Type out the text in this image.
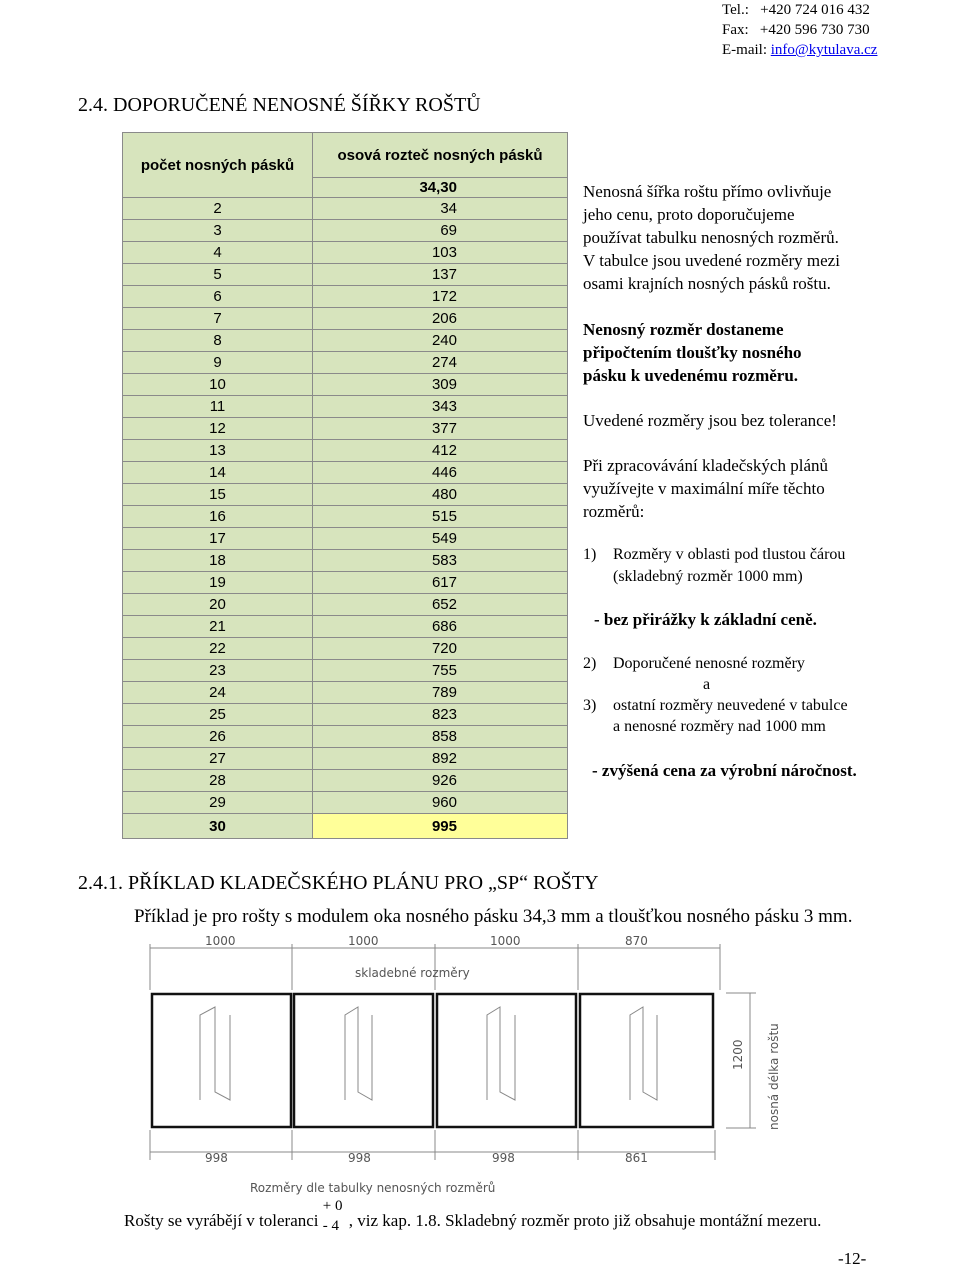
Tel.: +420 724 016 432
Fax: +420 596 730 730
E-mail: info@kytulava.cz
2.4. DOPORUČENÉ NENOSNÉ ŠÍŘKY ROŠTŮ
počet nosných pásků	osová rozteč nosných pásků
	34,30
2	34
3	69
4	103
5	137
6	172
7	206
8	240
9	274
10	309
11	343
12	377
13	412
14	446
15	480
16	515
17	549
18	583
19	617
20	652
21	686
22	720
23	755
24	789
25	823
26	858
27	892
28	926
29	960
30	995
Nenosná šířka roštu přímo ovlivňuje
jeho cenu, proto doporučujeme
používat tabulku nenosných rozměrů.
V tabulce jsou uvedené rozměry mezi
osami krajních nosných pásků roštu.
Nenosný rozměr dostaneme
připočtením tloušťky nosného
pásku k uvedenému rozměru.
Uvedené rozměry jsou bez tolerance!
Při zpracovávání kladečských plánů
využívejte v maximální míře těchto
rozměrů:
1) Rozměry v oblasti pod tlustou čárou
(skladebný rozměr 1000 mm)
- bez přirážky k základní ceně.
2) Doporučené nenosné rozměry
a
3) ostatní rozměry neuvedené v tabulce
a nenosné rozměry nad 1000 mm
- zvýšená cena za výrobní náročnost.
2.4.1. PŘÍKLAD KLADEČSKÉHO PLÁNU PRO „SP“ ROŠTY
Příklad je pro rošty s modulem oka nosného pásku 34,3 mm a tloušťkou nosného pásku 3 mm.
1000	1000	1000	870
skladebné rozměry
998	998	998	861
Rozměry dle tabulky nenosných rozměrů
1200 nosná délka roštu
Rošty se vyrábějí v toleranci
+ 0
- 4 , viz kap. 1.8. Skladebný rozměr proto již obsahuje montážní mezeru.
-12-
